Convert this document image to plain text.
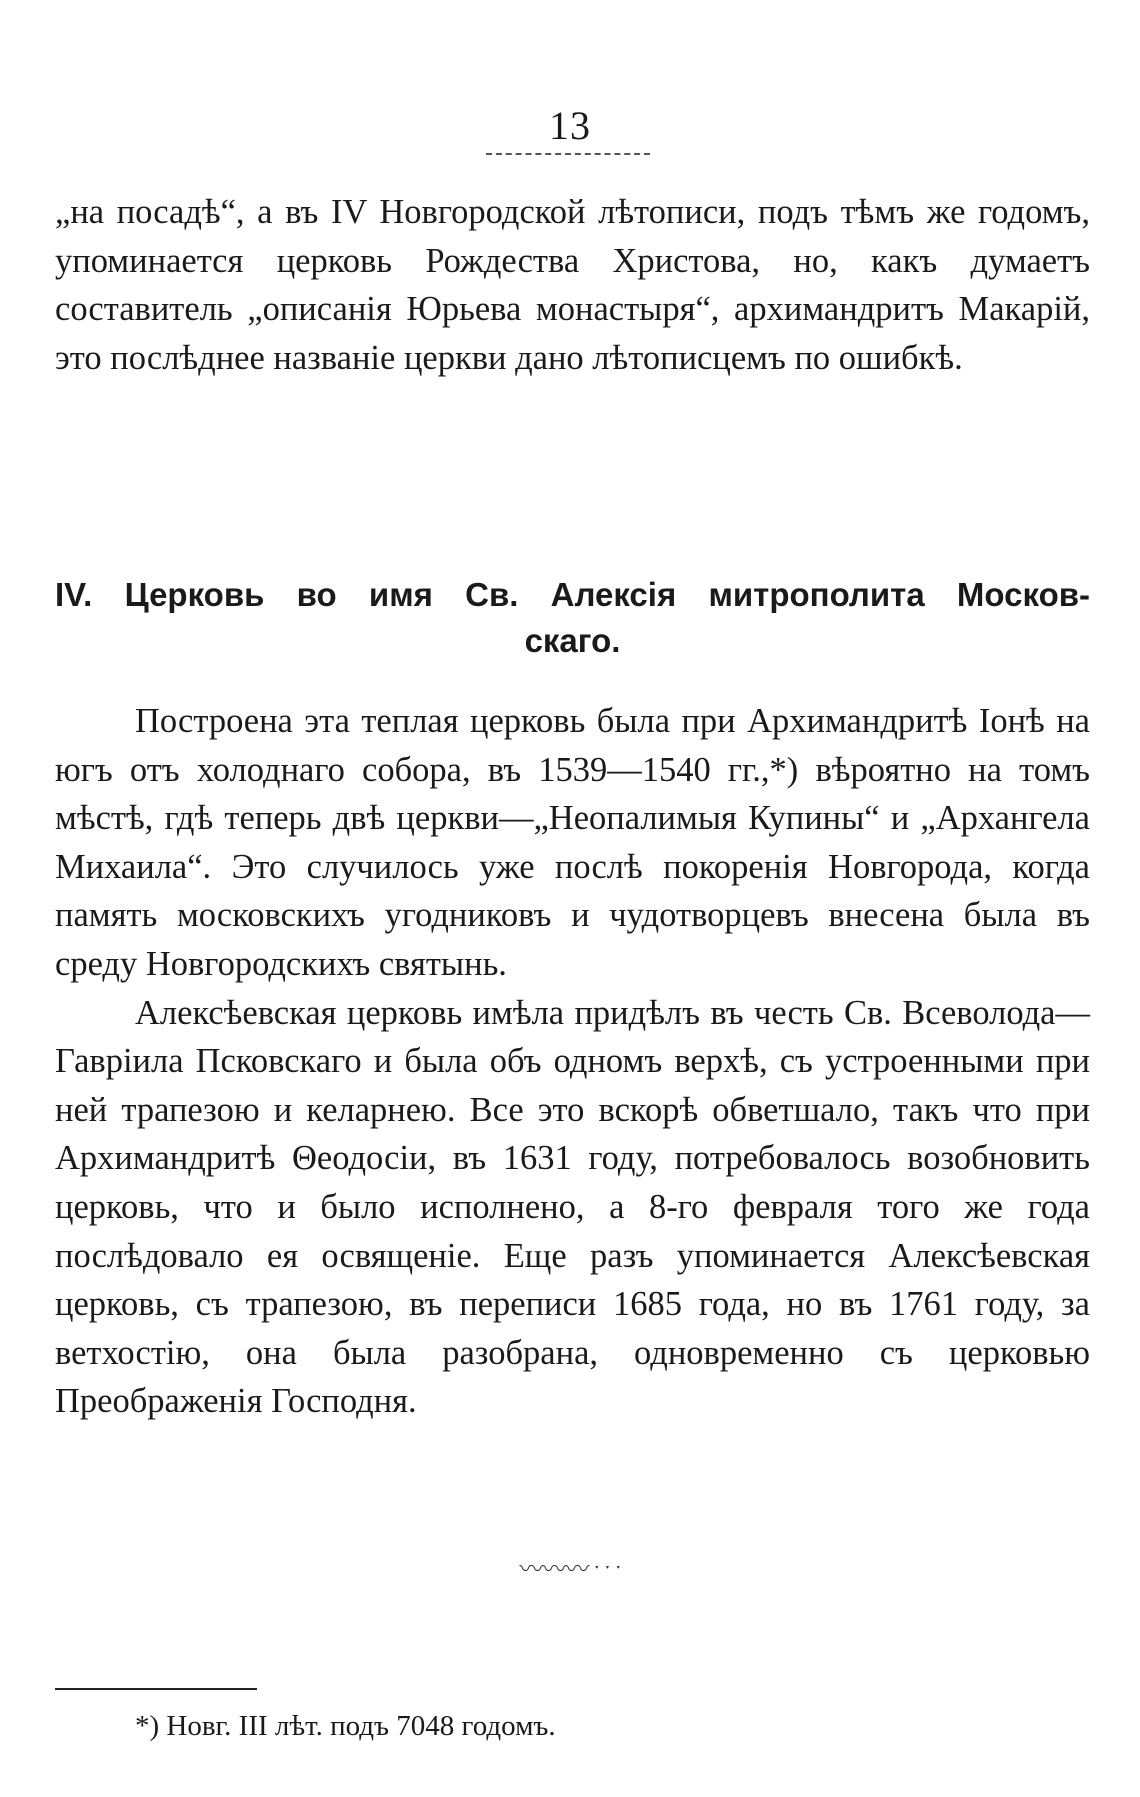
13

„на посадѣ“, а въ IV Новгородской лѣтописи, подъ тѣмъ же годомъ, упоминается церковь Рождества Христова, но, какъ думаетъ составитель „описанія Юрьева монастыря“, архимандритъ Макарій, это послѣднее названіе церкви дано лѣтописцемъ по ошибкѣ.

IV. Церковь во имя Св. Алексія митрополита Москов-
скаго.

Построена эта теплая церковь была при Архимандритѣ Іонѣ на югъ отъ холоднаго собора, въ 1539—1540 гг.,*) вѣроятно на томъ мѣстѣ, гдѣ теперь двѣ церкви—„Неопалимыя Купины“ и „Архангела Михаила“. Это случилось уже послѣ покоренія Новгорода, когда память московскихъ угодниковъ и чудотворцевъ внесена была въ среду Новгородскихъ святынь.

Алексѣевская церковь имѣла придѣлъ въ честь Св. Всеволода—Гавріила Псковскаго и была объ одномъ верхѣ, съ устроенными при ней трапезою и келарнею. Все это вскорѣ обветшало, такъ что при Архимандритѣ Θеодосіи, въ 1631 году, потребовалось возобновить церковь, что и было исполнено, а 8-го февраля того же года послѣдовало ея освященіе. Еще разъ упоминается Алексѣевская церковь, съ трапезою, въ переписи 1685 года, но въ 1761 году, за ветхостію, она была разобрана, одновременно съ церковью Преображенія Господня.

〰〰〰 ˑ ˑ ˑ

*) Новг. III лѣт. подъ 7048 годомъ.
